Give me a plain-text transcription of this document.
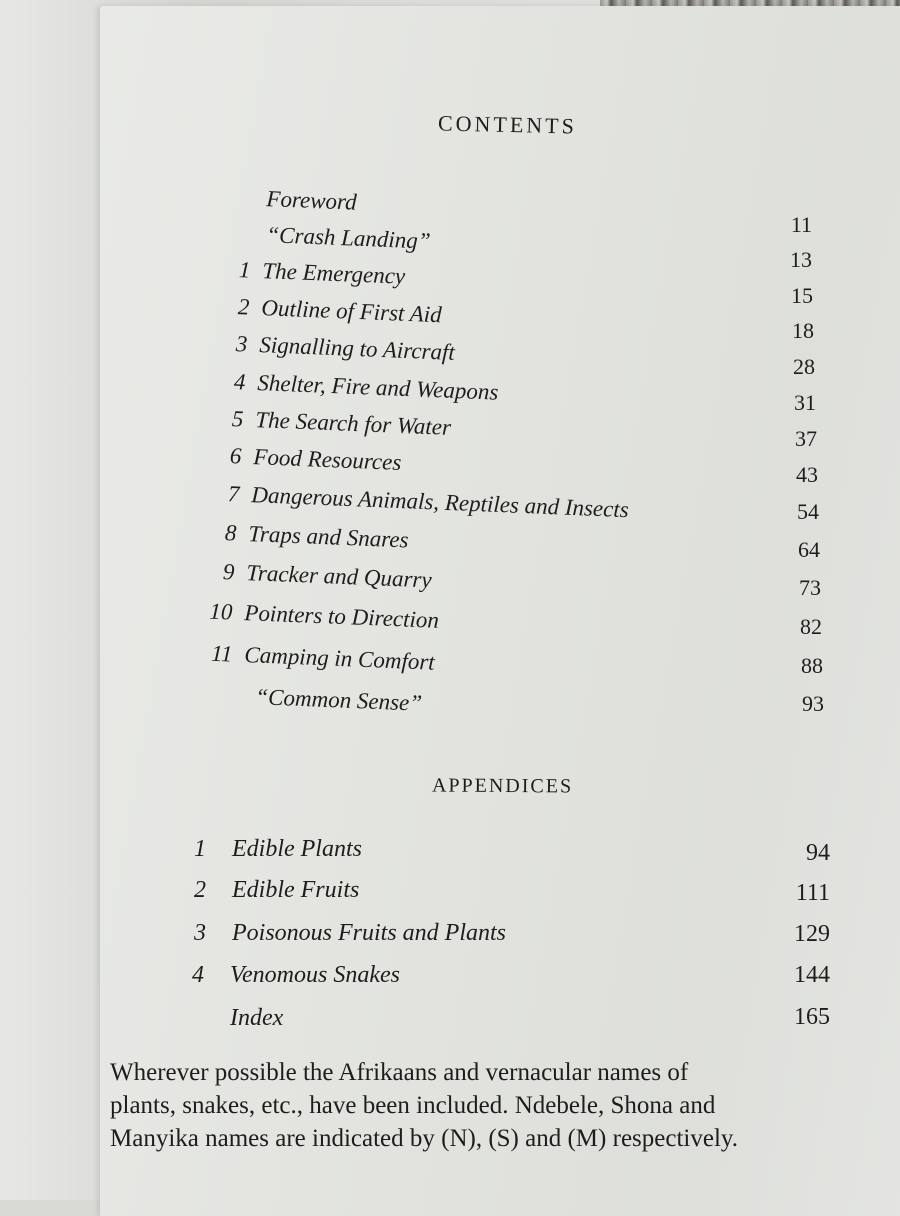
CONTENTS
Foreword
“Crash Landing”
1 The Emergency
2 Outline of First Aid
3 Signalling to Aircraft
4 Shelter, Fire and Weapons
5 The Search for Water
6 Food Resources
7 Dangerous Animals, Reptiles and Insects
8 Traps and Snares
9 Tracker and Quarry
10 Pointers to Direction
11 Camping in Comfort
“Common Sense”
11
13
15
18
28
31
37
43
54
64
73
82
88
93
APPENDICES
1 Edible Plants
2 Edible Fruits
3 Poisonous Fruits and Plants
4 Venomous Snakes
Index
94
111
129
144
165
Wherever possible the Afrikaans and vernacular names of
plants, snakes, etc., have been included. Ndebele, Shona and
Manyika names are indicated by (N), (S) and (M) respectively.
